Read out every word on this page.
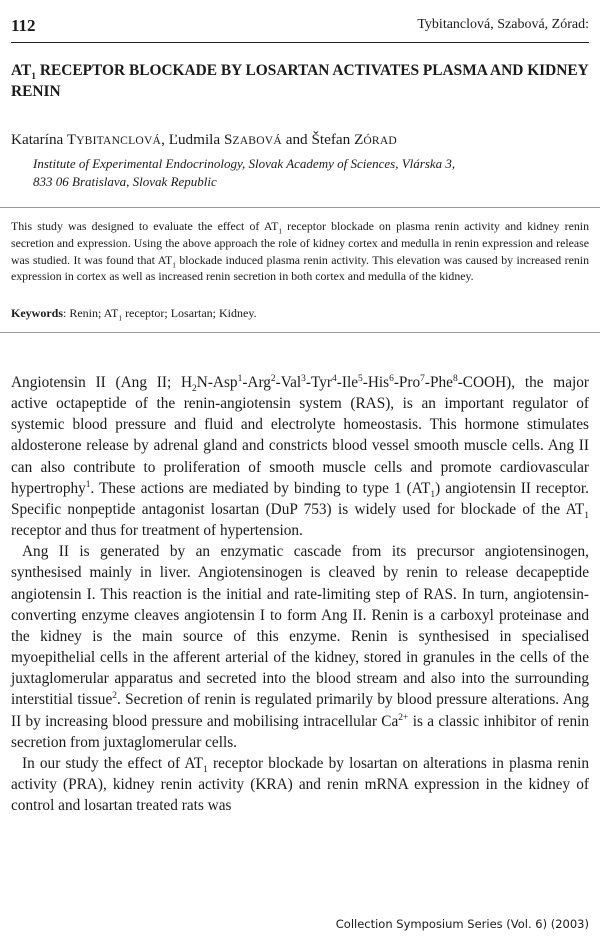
112	Tybitanclová, Szabová, Zórad:
$AT_1$ RECEPTOR BLOCKADE BY LOSARTAN ACTIVATES PLASMA AND KIDNEY RENIN
Katarína TYBITANCLOVÁ, Ľudmila SZABOVÁ and Štefan ZÓRAD
Institute of Experimental Endocrinology, Slovak Academy of Sciences, Vlárska 3,
833 06 Bratislava, Slovak Republic

This study was designed to evaluate the effect of $AT_1$ receptor blockade on plasma renin activity and kidney renin secretion and expression. Using the above approach the role of kidney cortex and medulla in renin expression and release was studied. It was found that $AT_1$ blockade induced plasma renin activity. This elevation was caused by increased renin expression in cortex as well as increased renin secretion in both cortex and medulla of the kidney.

Keywords: Renin; $AT_1$ receptor; Losartan; Kidney.

Angiotensin II (Ang II; $H_2N-Asp^1-Arg^2-Val^3-Tyr^4-Ile^5-His^6-Pro^7-Phe^8-COOH$), the major active octapeptide of the renin-angiotensin system (RAS), is an important regulator of systemic blood pressure and fluid and electrolyte homeostasis. This hormone stimulates aldosterone release by adrenal gland and constricts blood vessel smooth muscle cells. Ang II can also contribute to proliferation of smooth muscle cells and promote cardiovascular hypertrophy$^1$. These actions are mediated by binding to type 1 $(AT_1)$ angiotensin II receptor. Specific nonpeptide antagonist losartan (DuP 753) is widely used for blockade of the $AT_1$ receptor and thus for treatment of hypertension.

Ang II is generated by an enzymatic cascade from its precursor angiotensinogen, synthesised mainly in liver. Angiotensinogen is cleaved by renin to release decapeptide angiotensin I. This reaction is the initial and rate-limiting step of RAS. In turn, angiotensin-converting enzyme cleaves angiotensin I to form Ang II. Renin is a carboxyl proteinase and the kidney is the main source of this enzyme. Renin is synthesised in specialised myoepithelial cells in the afferent arterial of the kidney, stored in granules in the cells of the juxtaglomerular apparatus and secreted into the blood stream and also into the surrounding interstitial tissue$^2$. Secretion of renin is regulated primarily by blood pressure alterations. Ang II by increasing blood pressure and mobilising intracellular $Ca^{2+}$ is a classic inhibitor of renin secretion from juxtaglomerular cells.

In our study the effect of $AT_1$ receptor blockade by losartan on alterations in plasma renin activity (PRA), kidney renin activity (KRA) and renin mRNA expression in the kidney of control and losartan treated rats was

Collection Symposium Series (Vol. 6) (2003)
